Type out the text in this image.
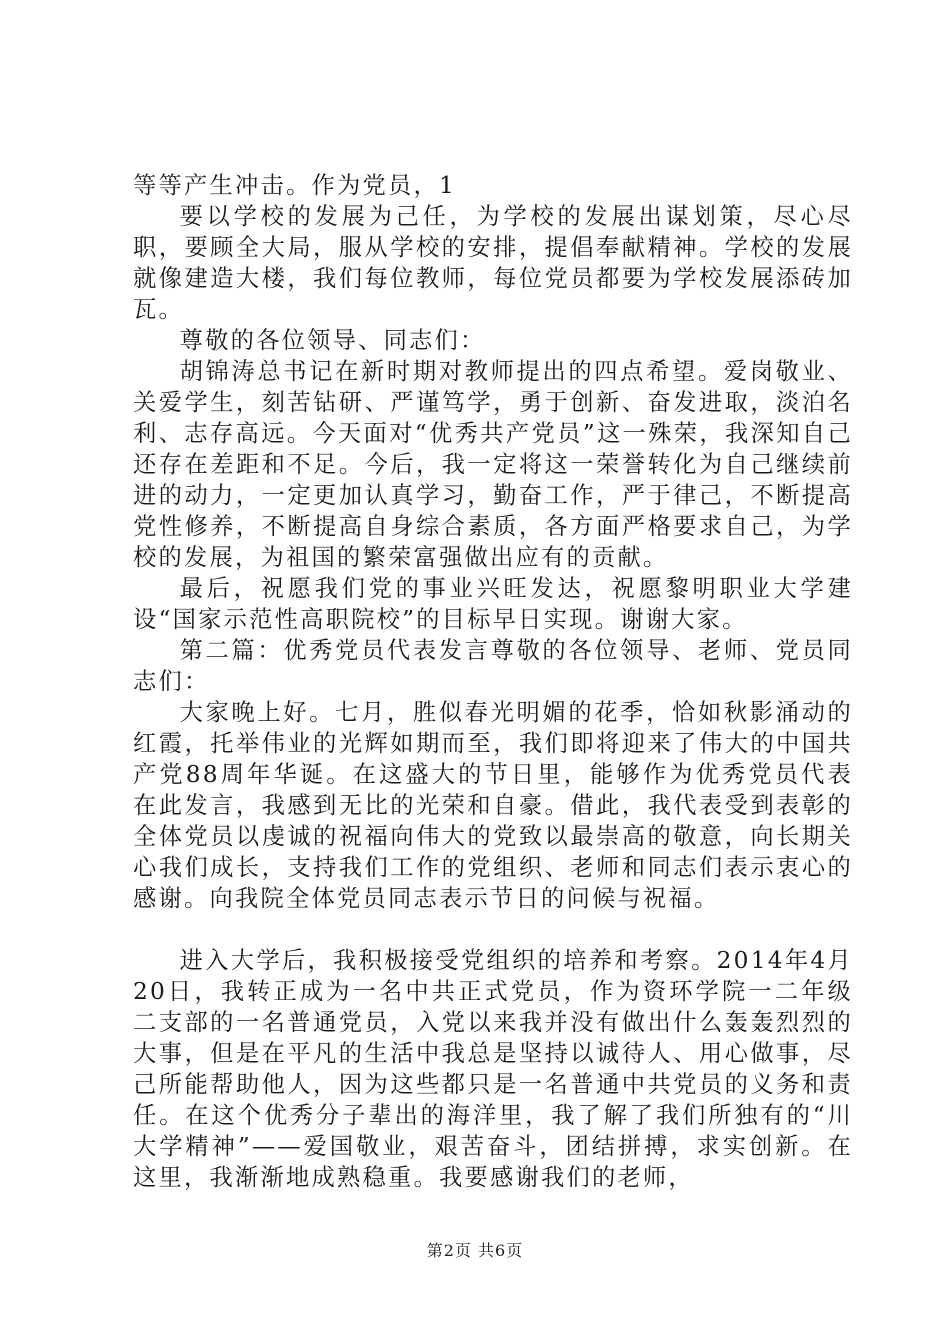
等等产生冲击。作为党员，1

要以学校的发展为己任，为学校的发展出谋划策，尽心尽职，要顾全大局，服从学校的安排，提倡奉献精神。学校的发展就像建造大楼，我们每位教师，每位党员都要为学校发展添砖加瓦。

尊敬的各位领导、同志们：

胡锦涛总书记在新时期对教师提出的四点希望。爱岗敬业、关爱学生，刻苦钻研、严谨笃学，勇于创新、奋发进取，淡泊名利、志存高远。今天面对“优秀共产党员”这一殊荣，我深知自己还存在差距和不足。今后，我一定将这一荣誉转化为自己继续前进的动力，一定更加认真学习，勤奋工作，严于律己，不断提高党性修养，不断提高自身综合素质，各方面严格要求自己，为学校的发展，为祖国的繁荣富强做出应有的贡献。

最后，祝愿我们党的事业兴旺发达，祝愿黎明职业大学建设“国家示范性高职院校”的目标早日实现。谢谢大家。

第二篇：优秀党员代表发言尊敬的各位领导、老师、党员同志们：

大家晚上好。七月，胜似春光明媚的花季，恰如秋影涌动的红霞，托举伟业的光辉如期而至，我们即将迎来了伟大的中国共产党88周年华诞。在这盛大的节日里，能够作为优秀党员代表在此发言，我感到无比的光荣和自豪。借此，我代表受到表彰的全体党员以虔诚的祝福向伟大的党致以最崇高的敬意，向长期关心我们成长，支持我们工作的党组织、老师和同志们表示衷心的感谢。向我院全体党员同志表示节日的问候与祝福。

进入大学后，我积极接受党组织的培养和考察。2014年4月20日，我转正成为一名中共正式党员，作为资环学院一二年级二支部的一名普通党员，入党以来我并没有做出什么轰轰烈烈的大事，但是在平凡的生活中我总是坚持以诚待人、用心做事，尽己所能帮助他人，因为这些都只是一名普通中共党员的义务和责任。在这个优秀分子辈出的海洋里，我了解了我们所独有的“川大学精神”——爱国敬业，艰苦奋斗，团结拼搏，求实创新。在这里，我渐渐地成熟稳重。我要感谢我们的老师，

第2页 共6页
